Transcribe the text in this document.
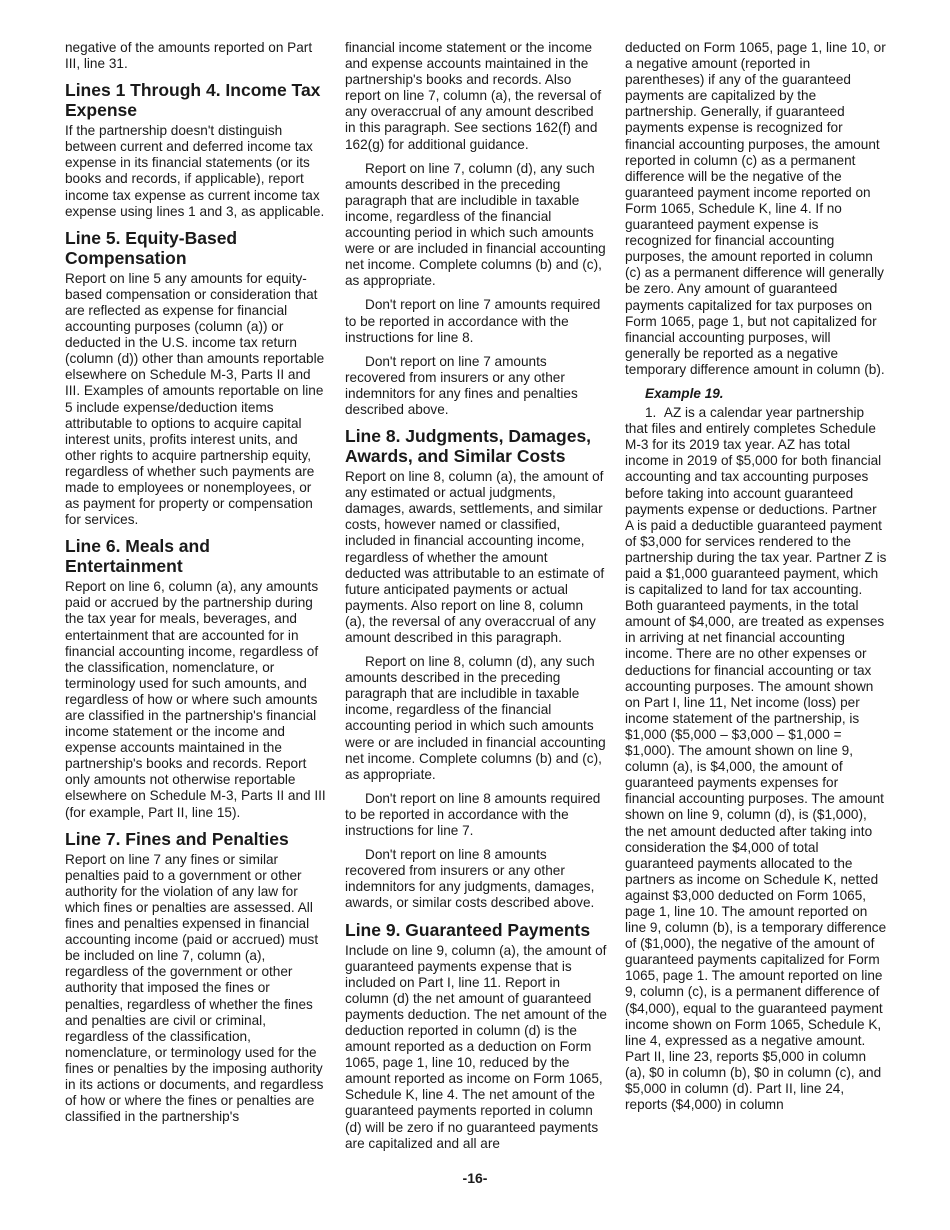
negative of the amounts reported on Part III, line 31.

Lines 1 Through 4. Income Tax Expense

If the partnership doesn't distinguish between current and deferred income tax expense in its financial statements (or its books and records, if applicable), report income tax expense as current income tax expense using lines 1 and 3, as applicable.

Line 5. Equity-Based Compensation

Report on line 5 any amounts for equity-based compensation or consideration that are reflected as expense for financial accounting purposes (column (a)) or deducted in the U.S. income tax return (column (d)) other than amounts reportable elsewhere on Schedule M-3, Parts II and III. Examples of amounts reportable on line 5 include expense/deduction items attributable to options to acquire capital interest units, profits interest units, and other rights to acquire partnership equity, regardless of whether such payments are made to employees or nonemployees, or as payment for property or compensation for services.

Line 6. Meals and Entertainment

Report on line 6, column (a), any amounts paid or accrued by the partnership during the tax year for meals, beverages, and entertainment that are accounted for in financial accounting income, regardless of the classification, nomenclature, or terminology used for such amounts, and regardless of how or where such amounts are classified in the partnership's financial income statement or the income and expense accounts maintained in the partnership's books and records. Report only amounts not otherwise reportable elsewhere on Schedule M-3, Parts II and III (for example, Part II, line 15).

Line 7. Fines and Penalties

Report on line 7 any fines or similar penalties paid to a government or other authority for the violation of any law for which fines or penalties are assessed. All fines and penalties expensed in financial accounting income (paid or accrued) must be included on line 7, column (a), regardless of the government or other authority that imposed the fines or penalties, regardless of whether the fines and penalties are civil or criminal, regardless of the classification, nomenclature, or terminology used for the fines or penalties by the imposing authority in its actions or documents, and regardless of how or where the fines or penalties are classified in the partnership's

financial income statement or the income and expense accounts maintained in the partnership's books and records. Also report on line 7, column (a), the reversal of any overaccrual of any amount described in this paragraph. See sections 162(f) and 162(g) for additional guidance.

Report on line 7, column (d), any such amounts described in the preceding paragraph that are includible in taxable income, regardless of the financial accounting period in which such amounts were or are included in financial accounting net income. Complete columns (b) and (c), as appropriate.

Don't report on line 7 amounts required to be reported in accordance with the instructions for line 8.

Don't report on line 7 amounts recovered from insurers or any other indemnitors for any fines and penalties described above.

Line 8. Judgments, Damages, Awards, and Similar Costs

Report on line 8, column (a), the amount of any estimated or actual judgments, damages, awards, settlements, and similar costs, however named or classified, included in financial accounting income, regardless of whether the amount deducted was attributable to an estimate of future anticipated payments or actual payments. Also report on line 8, column (a), the reversal of any overaccrual of any amount described in this paragraph.

Report on line 8, column (d), any such amounts described in the preceding paragraph that are includible in taxable income, regardless of the financial accounting period in which such amounts were or are included in financial accounting net income. Complete columns (b) and (c), as appropriate.

Don't report on line 8 amounts required to be reported in accordance with the instructions for line 7.

Don't report on line 8 amounts recovered from insurers or any other indemnitors for any judgments, damages, awards, or similar costs described above.

Line 9. Guaranteed Payments

Include on line 9, column (a), the amount of guaranteed payments expense that is included on Part I, line 11. Report in column (d) the net amount of guaranteed payments deduction. The net amount of the deduction reported in column (d) is the amount reported as a deduction on Form 1065, page 1, line 10, reduced by the amount reported as income on Form 1065, Schedule K, line 4. The net amount of the guaranteed payments reported in column (d) will be zero if no guaranteed payments are capitalized and all are

deducted on Form 1065, page 1, line 10, or a negative amount (reported in parentheses) if any of the guaranteed payments are capitalized by the partnership. Generally, if guaranteed payments expense is recognized for financial accounting purposes, the amount reported in column (c) as a permanent difference will be the negative of the guaranteed payment income reported on Form 1065, Schedule K, line 4. If no guaranteed payment expense is recognized for financial accounting purposes, the amount reported in column (c) as a permanent difference will generally be zero. Any amount of guaranteed payments capitalized for tax purposes on Form 1065, page 1, but not capitalized for financial accounting purposes, will generally be reported as a negative temporary difference amount in column (b).

Example 19.

1.  AZ is a calendar year partnership that files and entirely completes Schedule M-3 for its 2019 tax year. AZ has total income in 2019 of $5,000 for both financial accounting and tax accounting purposes before taking into account guaranteed payments expense or deductions. Partner A is paid a deductible guaranteed payment of $3,000 for services rendered to the partnership during the tax year. Partner Z is paid a $1,000 guaranteed payment, which is capitalized to land for tax accounting. Both guaranteed payments, in the total amount of $4,000, are treated as expenses in arriving at net financial accounting income. There are no other expenses or deductions for financial accounting or tax accounting purposes. The amount shown on Part I, line 11, Net income (loss) per income statement of the partnership, is $1,000 ($5,000 – $3,000 – $1,000 = $1,000). The amount shown on line 9, column (a), is $4,000, the amount of guaranteed payments expenses for financial accounting purposes. The amount shown on line 9, column (d), is ($1,000), the net amount deducted after taking into consideration the $4,000 of total guaranteed payments allocated to the partners as income on Schedule K, netted against $3,000 deducted on Form 1065, page 1, line 10. The amount reported on line 9, column (b), is a temporary difference of ($1,000), the negative of the amount of guaranteed payments capitalized for Form 1065, page 1. The amount reported on line 9, column (c), is a permanent difference of ($4,000), equal to the guaranteed payment income shown on Form 1065, Schedule K, line 4, expressed as a negative amount. Part II, line 23, reports $5,000 in column (a), $0 in column (b), $0 in column (c), and $5,000 in column (d). Part II, line 24, reports ($4,000) in column

-16-
